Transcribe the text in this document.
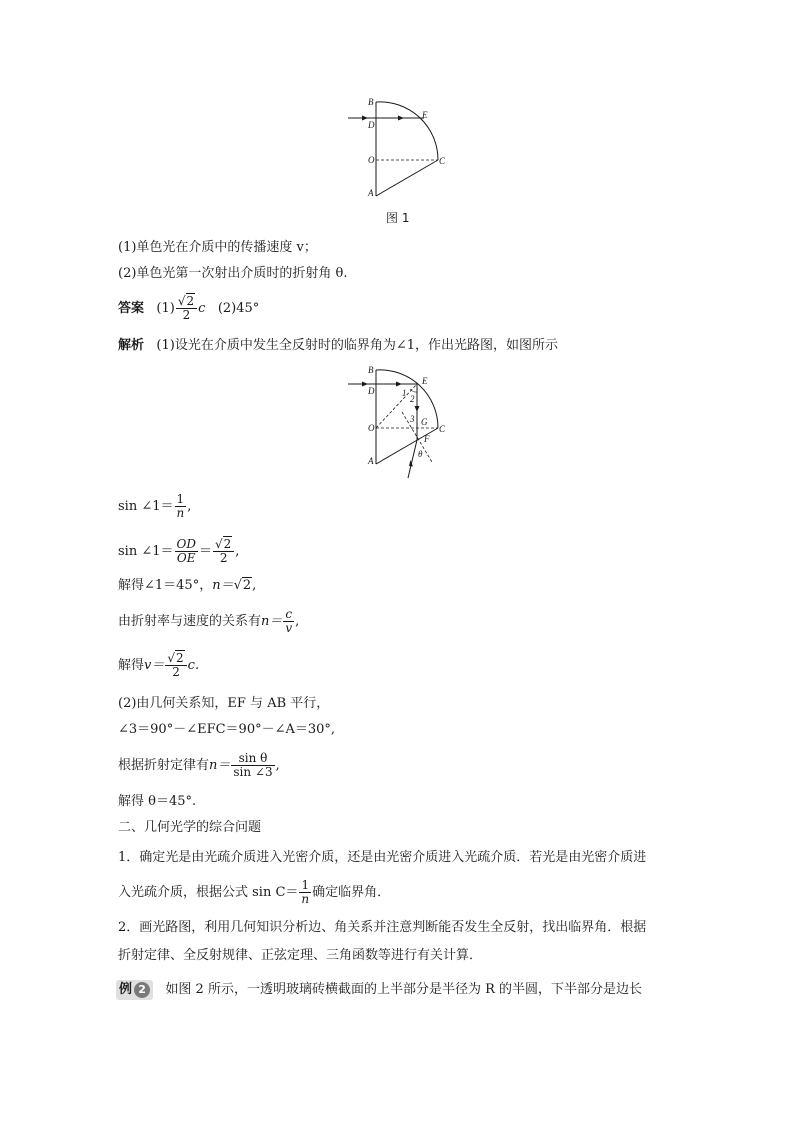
B
D
O
A
E
C
图 1
(1)单色光在介质中的传播速度 v；
(2)单色光第一次射出介质时的折射角 θ.
答案 $(1) \frac{√2}{2}$ c (2)45°
解析 (1)设光在介质中发生全反射时的临界角为∠1，作出光路图，如图所示
B
D
O
A
E
C
F
G
1
2
3
θ
sin ∠1＝ $\frac{1}{n}$ ,
sin ∠1＝ $\frac{OD}{OE} = \frac{√2}{2}$ ,
解得∠1＝45°，n＝√2,
由折射率与速度的关系有$n= \frac{c}{v}$ ,
解得$v= \frac{√2}{2} c$.
(2)由几何关系知，EF 与 AB 平行，
∠3＝90°－∠EFC＝90°－∠A＝30°,
根据折射定律有$n= \frac{\text{sin θ}}{\sin \angle 3}$ ,
解得 θ＝45°.
二、几何光学的综合问题
1．确定光是由光疏介质进入光密介质，还是由光密介质进入光疏介质．若光是由光密介质进
入光疏介质，根据公式 $\sin C= \frac{1}{n}$ 确定临界角．
2．画光路图，利用几何知识分析边、角关系并注意判断能否发生全反射，找出临界角．根据
折射定律、全反射规律、正弦定理、三角函数等进行有关计算．
例 2 如图 2 所示，一透明玻璃砖横截面的上半部分是半径为 R 的半圆，下半部分是边长
